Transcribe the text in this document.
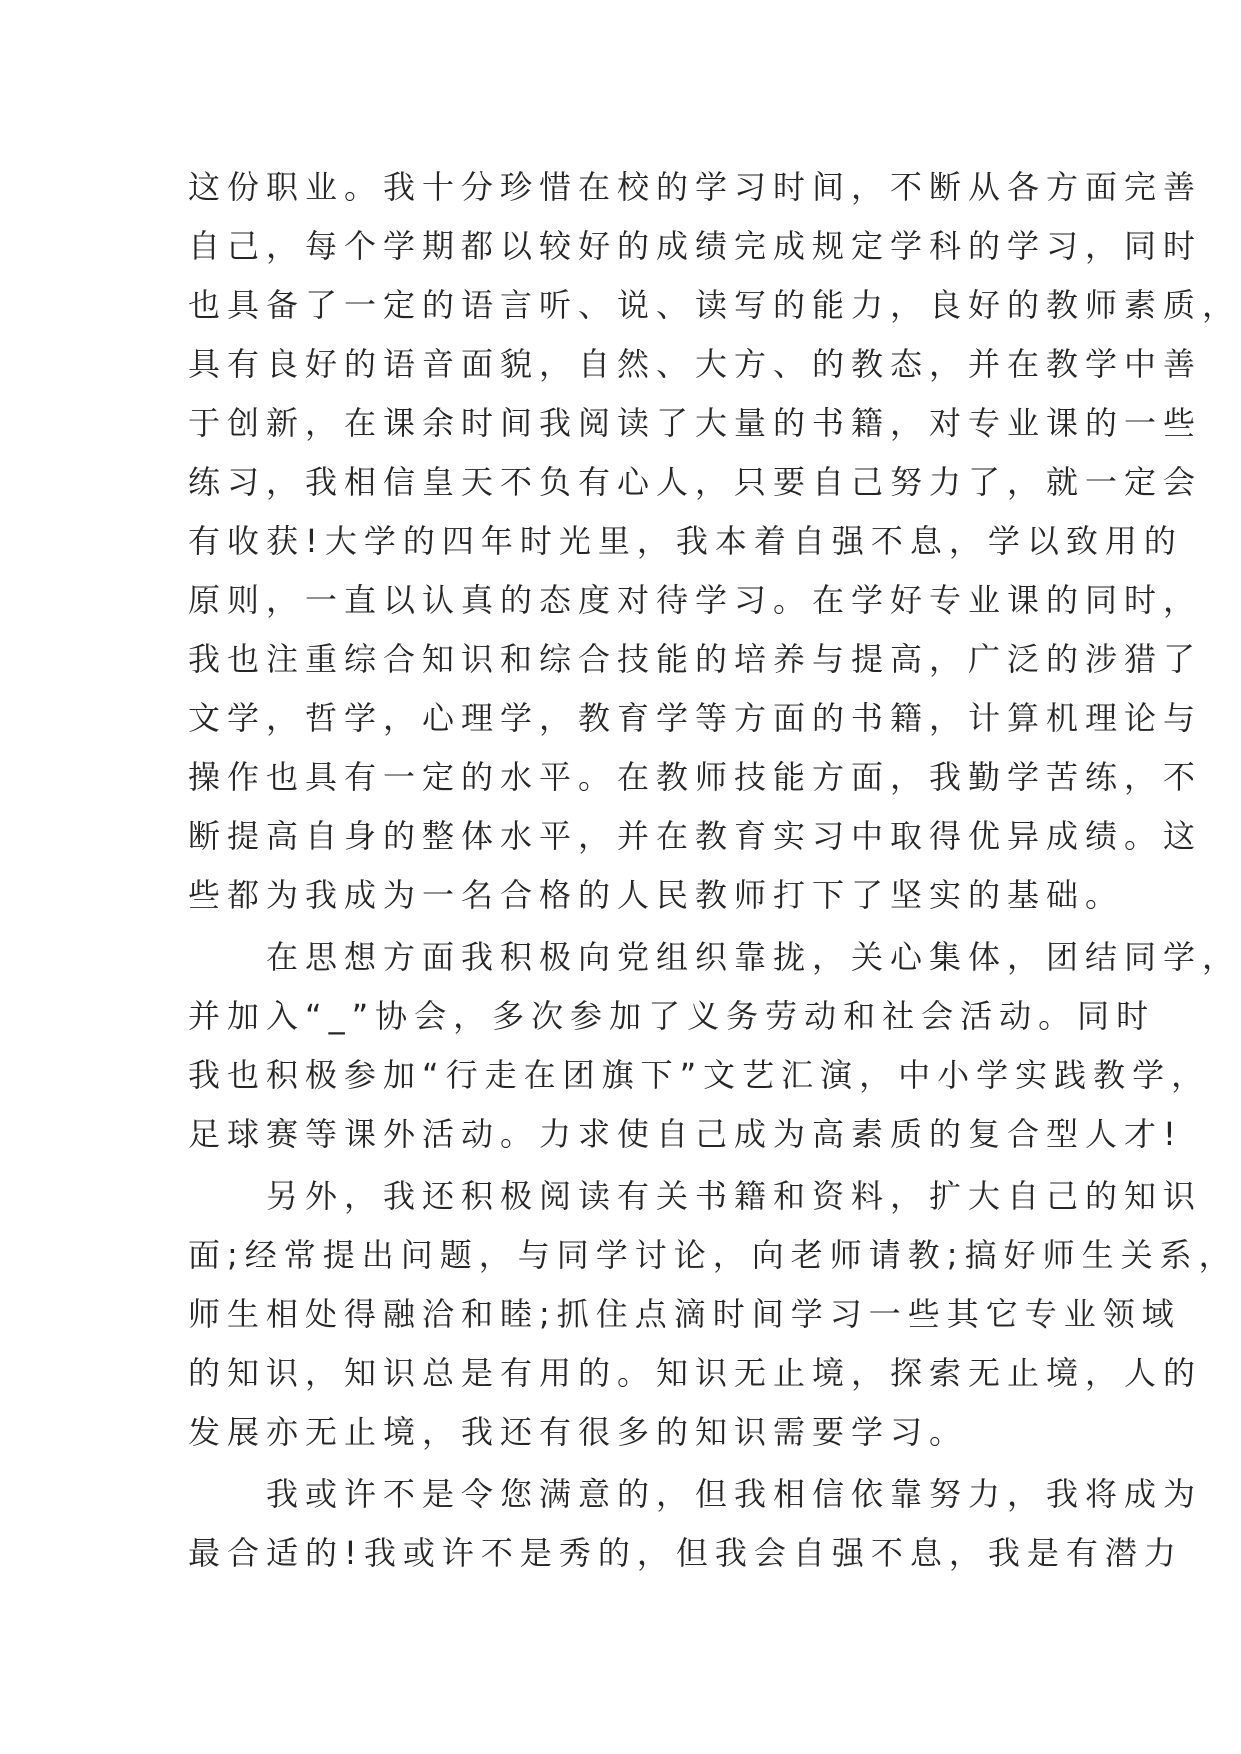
这份职业。我十分珍惜在校的学习时间，不断从各方面完善
自己，每个学期都以较好的成绩完成规定学科的学习，同时
也具备了一定的语言听、说、读写的能力，良好的教师素质，
具有良好的语音面貌，自然、大方、的教态，并在教学中善
于创新，在课余时间我阅读了大量的书籍，对专业课的一些
练习，我相信皇天不负有心人，只要自己努力了，就一定会
有收获!大学的四年时光里，我本着自强不息，学以致用的
原则，一直以认真的态度对待学习。在学好专业课的同时，
我也注重综合知识和综合技能的培养与提高，广泛的涉猎了
文学，哲学，心理学，教育学等方面的书籍，计算机理论与
操作也具有一定的水平。在教师技能方面，我勤学苦练，不
断提高自身的整体水平，并在教育实习中取得优异成绩。这
些都为我成为一名合格的人民教师打下了坚实的基础。
在思想方面我积极向党组织靠拢，关心集体，团结同学，
并加入“_”协会，多次参加了义务劳动和社会活动。同时
我也积极参加“行走在团旗下”文艺汇演，中小学实践教学，
足球赛等课外活动。力求使自己成为高素质的复合型人才!
另外，我还积极阅读有关书籍和资料，扩大自己的知识
面;经常提出问题，与同学讨论，向老师请教;搞好师生关系，
师生相处得融洽和睦;抓住点滴时间学习一些其它专业领域
的知识，知识总是有用的。知识无止境，探索无止境，人的
发展亦无止境，我还有很多的知识需要学习。
我或许不是令您满意的，但我相信依靠努力，我将成为
最合适的!我或许不是秀的，但我会自强不息，我是有潜力
